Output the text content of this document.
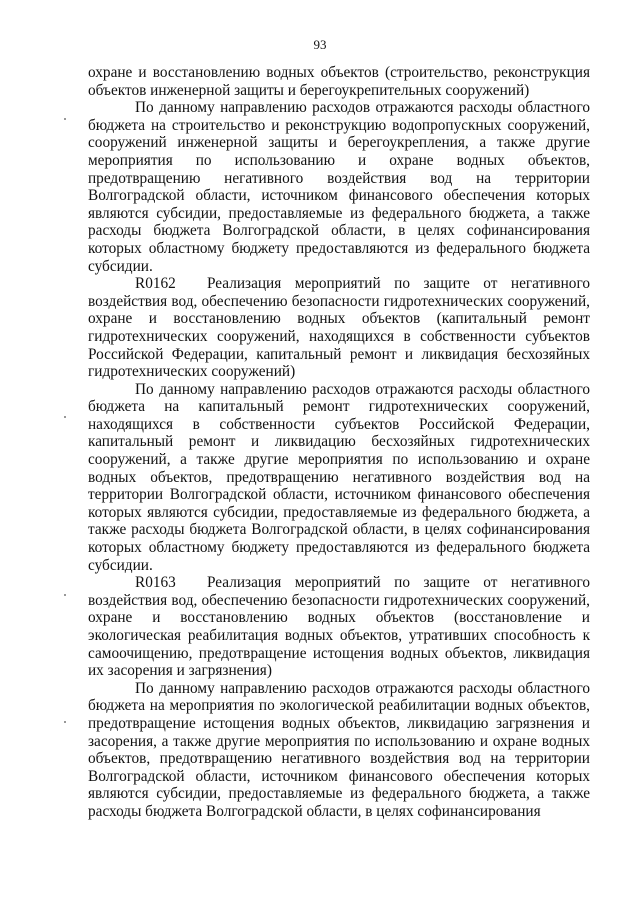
93

охране и восстановлению водных объектов (строительство, реконструкция объектов инженерной защиты и берегоукрепительных сооружений)

По данному направлению расходов отражаются расходы областного бюджета на строительство и реконструкцию водопропускных сооружений, сооружений инженерной защиты и берегоукрепления, а также другие мероприятия по использованию и охране водных объектов, предотвращению негативного воздействия вод на территории Волгоградской области, источником финансового обеспечения которых являются субсидии, предоставляемые из федерального бюджета, а также расходы бюджета Волгоградской области, в целях софинансирования которых областному бюджету предоставляются из федерального бюджета субсидии.

R0162 Реализация мероприятий по защите от негативного воздействия вод, обеспечению безопасности гидротехнических сооружений, охране и восстановлению водных объектов (капитальный ремонт гидротехнических сооружений, находящихся в собственности субъектов Российской Федерации, капитальный ремонт и ликвидация бесхозяйных гидротехнических сооружений)

По данному направлению расходов отражаются расходы областного бюджета на капитальный ремонт гидротехнических сооружений, находящихся в собственности субъектов Российской Федерации, капитальный ремонт и ликвидацию бесхозяйных гидротехнических сооружений, а также другие мероприятия по использованию и охране водных объектов, предотвращению негативного воздействия вод на территории Волгоградской области, источником финансового обеспечения которых являются субсидии, предоставляемые из федерального бюджета, а также расходы бюджета Волгоградской области, в целях софинансирования которых областному бюджету предоставляются из федерального бюджета субсидии.

R0163 Реализация мероприятий по защите от негативного воздействия вод, обеспечению безопасности гидротехнических сооружений, охране и восстановлению водных объектов (восстановление и экологическая реабилитация водных объектов, утративших способность к самоочищению, предотвращение истощения водных объектов, ликвидация их засорения и загрязнения)

По данному направлению расходов отражаются расходы областного бюджета на мероприятия по экологической реабилитации водных объектов, предотвращение истощения водных объектов, ликвидацию загрязнения и засорения, а также другие мероприятия по использованию и охране водных объектов, предотвращению негативного воздействия вод на территории Волгоградской области, источником финансового обеспечения которых являются субсидии, предоставляемые из федерального бюджета, а также расходы бюджета Волгоградской области, в целях софинансирования
